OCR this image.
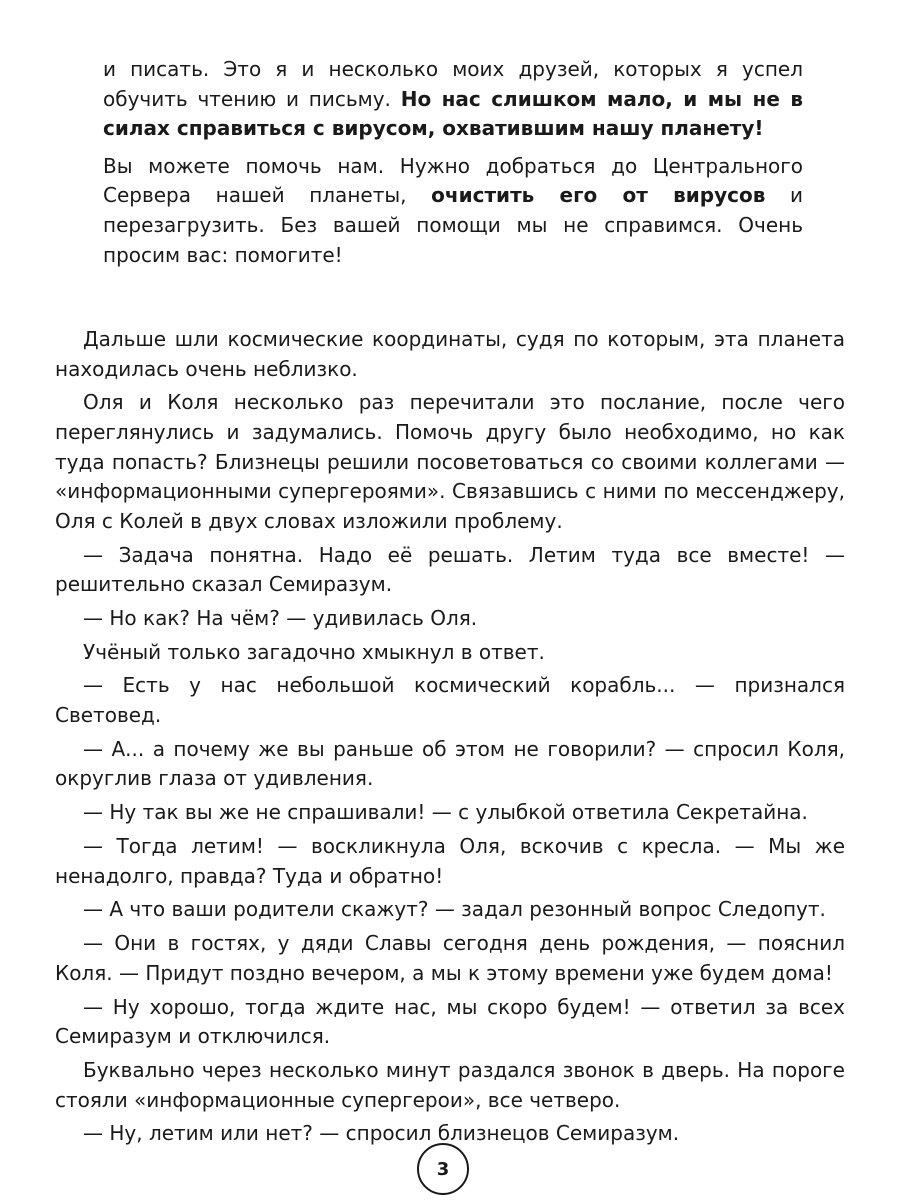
и писать. Это я и несколько моих друзей, которых я успел обучить чтению и письму. Но нас слишком мало, и мы не в силах справиться с вирусом, охватившим нашу планету!

Вы можете помочь нам. Нужно добраться до Центрального Сервера нашей планеты, очистить его от вирусов и перезагрузить. Без вашей помощи мы не справимся. Очень просим вас: помогите!

Дальше шли космические координаты, судя по которым, эта планета находилась очень неблизко.

Оля и Коля несколько раз перечитали это послание, после чего переглянулись и задумались. Помочь другу было необходимо, но как туда попасть? Близнецы решили посоветоваться со своими коллегами — «информационными супергероями». Связавшись с ними по мессенджеру, Оля с Колей в двух словах изложили проблему.

— Задача понятна. Надо её решать. Летим туда все вместе! — решительно сказал Семиразум.

— Но как? На чём? — удивилась Оля.

Учёный только загадочно хмыкнул в ответ.

— Есть у нас небольшой космический корабль... — признался Световед.

— А... а почему же вы раньше об этом не говорили? — спросил Коля, округлив глаза от удивления.

— Ну так вы же не спрашивали! — с улыбкой ответила Секретайна.

— Тогда летим! — воскликнула Оля, вскочив с кресла. — Мы же ненадолго, правда? Туда и обратно!

— А что ваши родители скажут? — задал резонный вопрос Следопут.

— Они в гостях, у дяди Славы сегодня день рождения, — пояснил Коля. — Придут поздно вечером, а мы к этому времени уже будем дома!

— Ну хорошо, тогда ждите нас, мы скоро будем! — ответил за всех Семиразум и отключился.

Буквально через несколько минут раздался звонок в дверь. На пороге стояли «информационные супергерои», все четверо.

— Ну, летим или нет? — спросил близнецов Семиразум.

3
